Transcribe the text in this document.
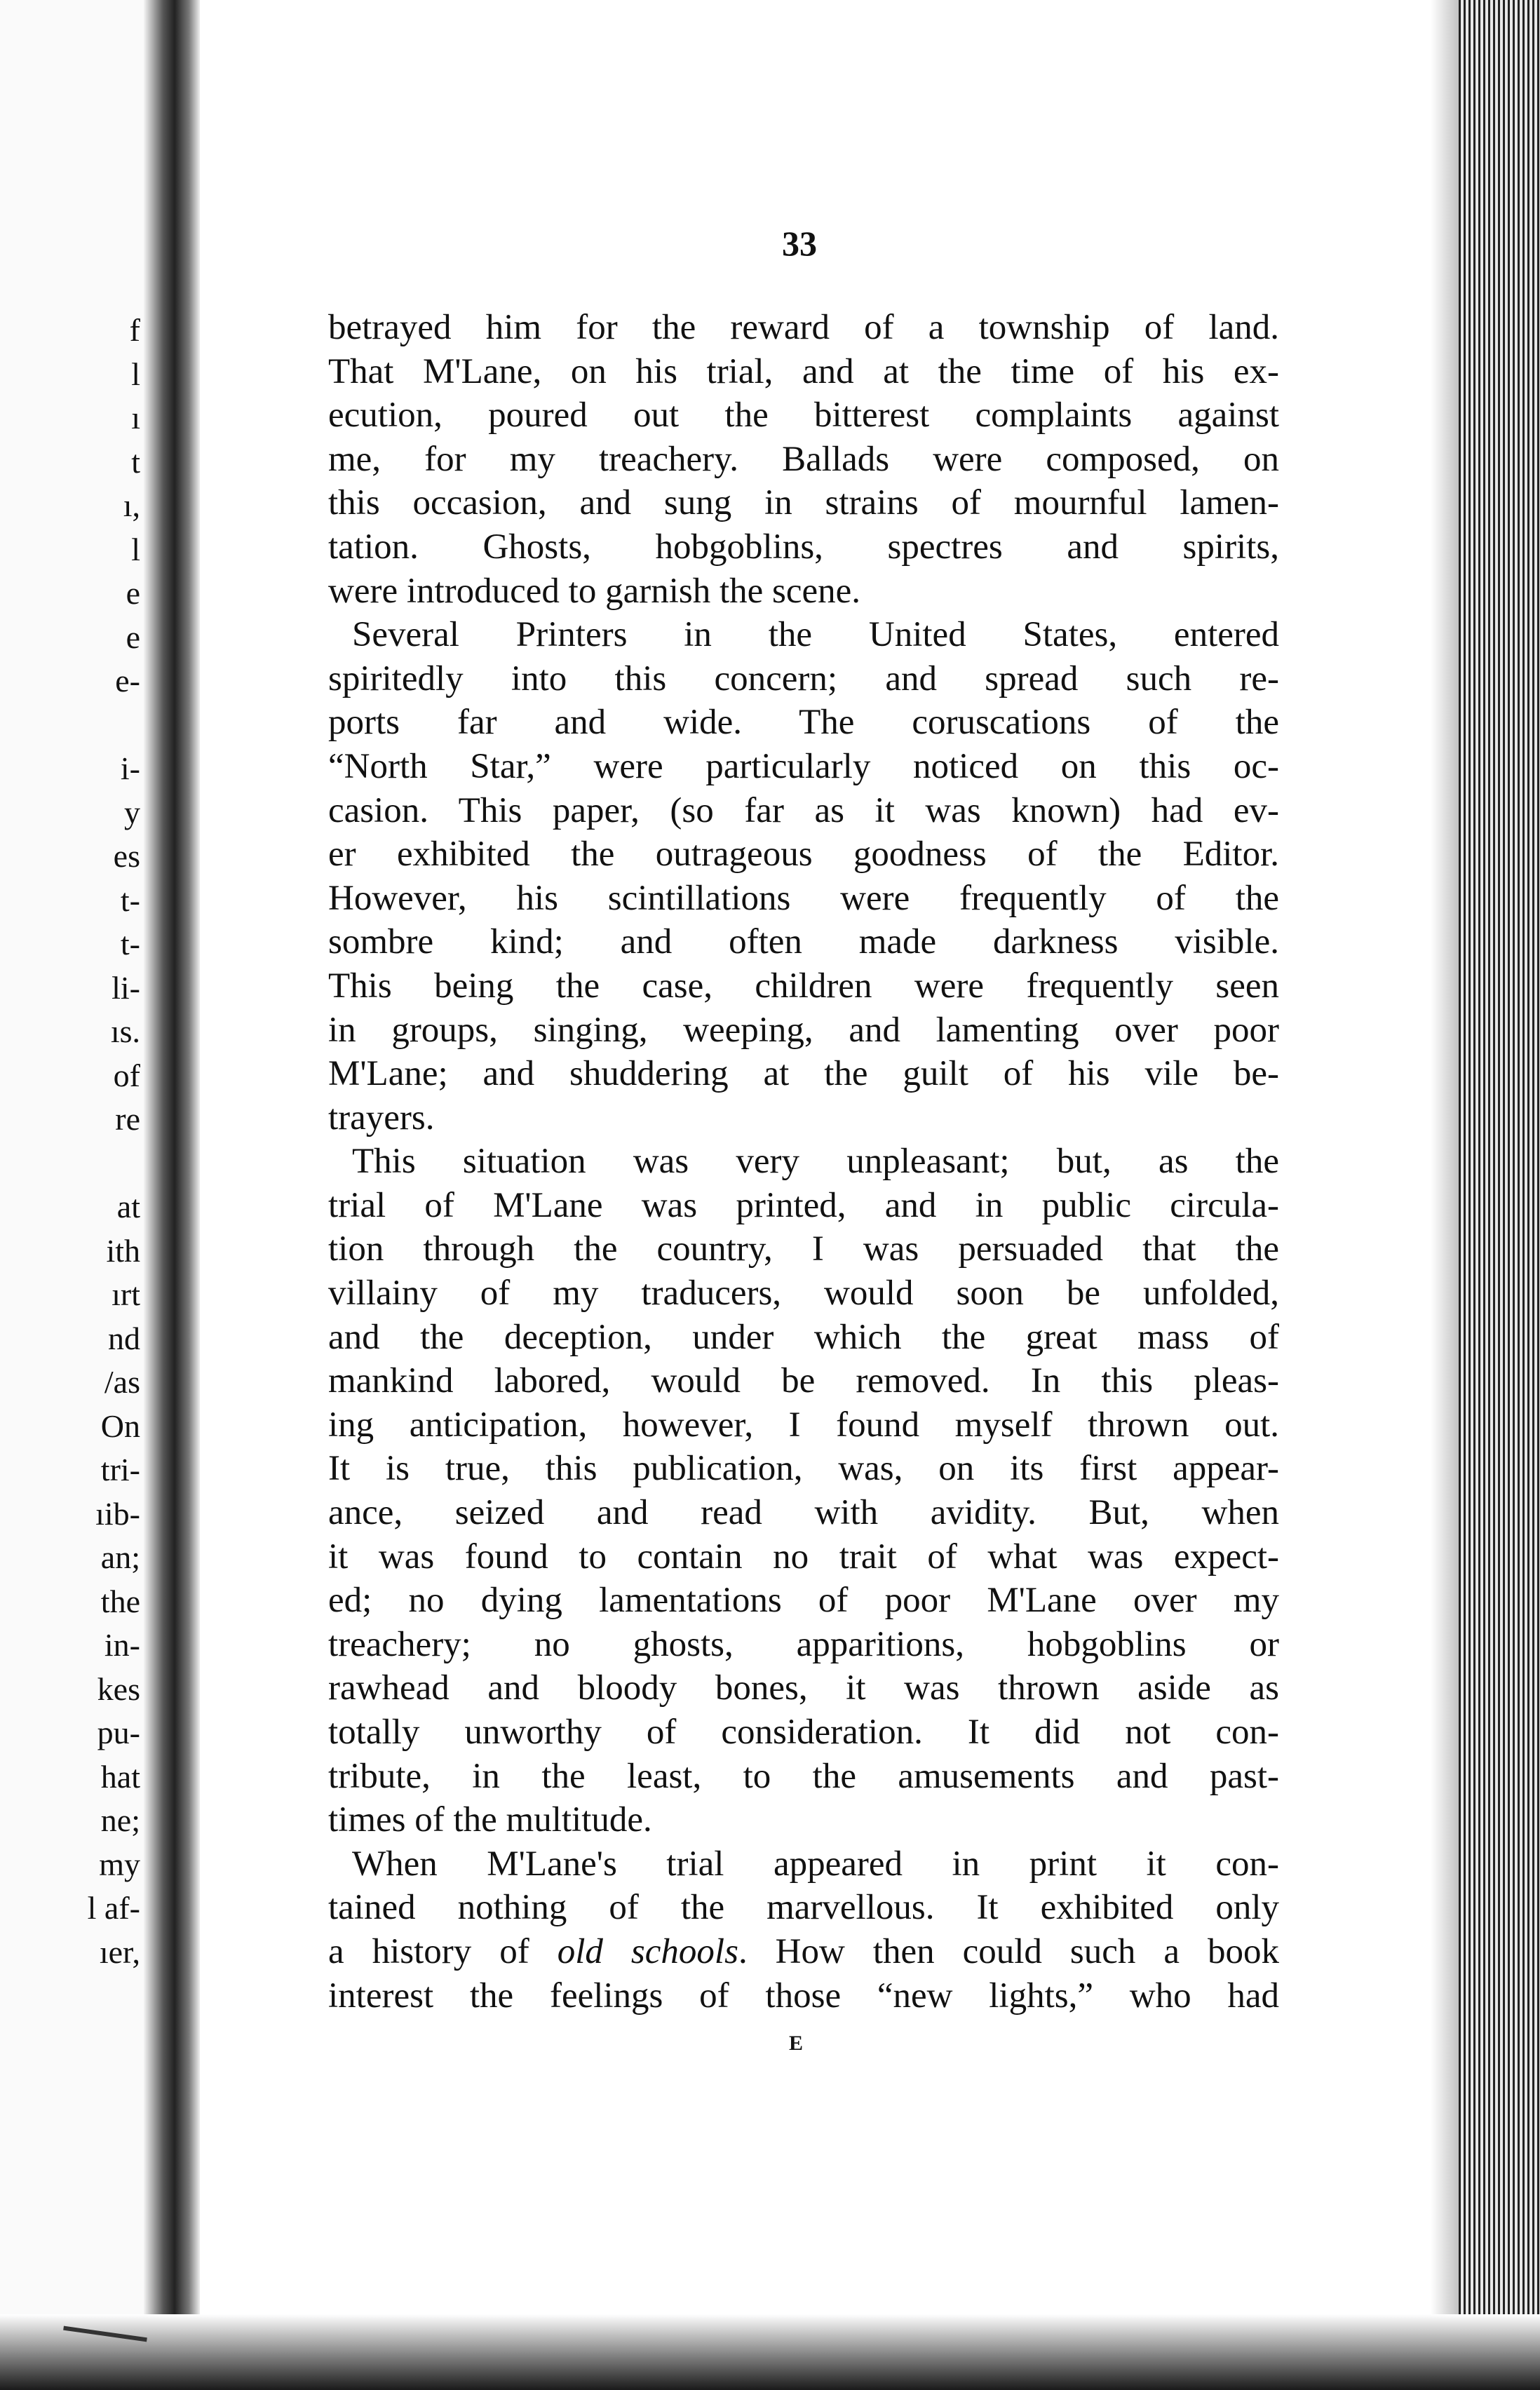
f
l
ı
t
ı,
l
e
e
e-
i-
y
es
t-
t-
li-
ıs.
of
re
at
ith
ırt
nd
/as
On
tri-
ıib-
an;
the
in-
kes
pu-
hat
ne;
my
l af-
ıer,
33
betrayed him for the reward of a township of land.
That M'Lane, on his trial, and at the time of his ex-
ecution, poured out the bitterest complaints against
me, for my treachery. Ballads were composed, on
this occasion, and sung in strains of mournful lamen-
tation. Ghosts, hobgoblins, spectres and spirits,
were introduced to garnish the scene.
Several Printers in the United States, entered
spiritedly into this concern; and spread such re-
ports far and wide. The coruscations of the
“North Star,” were particularly noticed on this oc-
casion. This paper, (so far as it was known) had ev-
er exhibited the outrageous goodness of the Editor.
However, his scintillations were frequently of the
sombre kind; and often made darkness visible.
This being the case, children were frequently seen
in groups, singing, weeping, and lamenting over poor
M'Lane; and shuddering at the guilt of his vile be-
trayers.
This situation was very unpleasant; but, as the
trial of M'Lane was printed, and in public circula-
tion through the country, I was persuaded that the
villainy of my traducers, would soon be unfolded,
and the deception, under which the great mass of
mankind labored, would be removed. In this pleas-
ing anticipation, however, I found myself thrown out.
It is true, this publication, was, on its first appear-
ance, seized and read with avidity. But, when
it was found to contain no trait of what was expect-
ed; no dying lamentations of poor M'Lane over my
treachery; no ghosts, apparitions, hobgoblins or
rawhead and bloody bones, it was thrown aside as
totally unworthy of consideration. It did not con-
tribute, in the least, to the amusements and past-
times of the multitude.
When M'Lane's trial appeared in print it con-
tained nothing of the marvellous. It exhibited only
a history of old schools. How then could such a book
interest the feelings of those “new lights,” who had
E
